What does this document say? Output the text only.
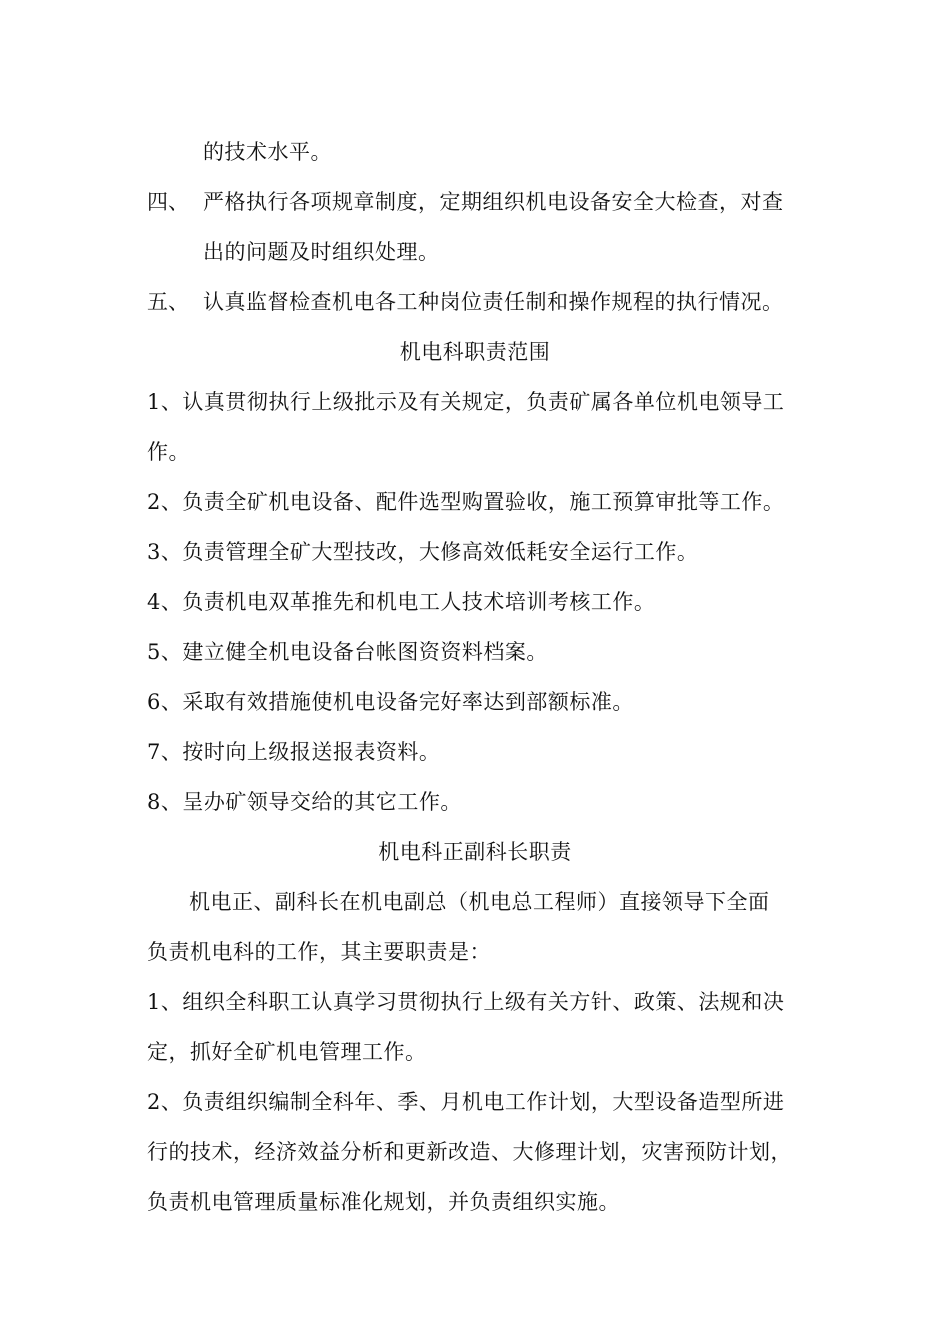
的技术水平。
四、 严格执行各项规章制度，定期组织机电设备安全大检查，对查
出的问题及时组织处理。
五、 认真监督检查机电各工种岗位责任制和操作规程的执行情况。
机电科职责范围
1、认真贯彻执行上级批示及有关规定，负责矿属各单位机电领导工
作。
2、负责全矿机电设备、配件选型购置验收，施工预算审批等工作。
3、负责管理全矿大型技改，大修高效低耗安全运行工作。
4、负责机电双革推先和机电工人技术培训考核工作。
5、建立健全机电设备台帐图资资料档案。
6、采取有效措施使机电设备完好率达到部额标准。
7、按时向上级报送报表资料。
8、呈办矿领导交给的其它工作。
机电科正副科长职责
机电正、副科长在机电副总（机电总工程师）直接领导下全面
负责机电科的工作，其主要职责是：
1、组织全科职工认真学习贯彻执行上级有关方针、政策、法规和决
定，抓好全矿机电管理工作。
2、负责组织编制全科年、季、月机电工作计划，大型设备造型所进
行的技术，经济效益分析和更新改造、大修理计划，灾害预防计划，
负责机电管理质量标准化规划，并负责组织实施。
